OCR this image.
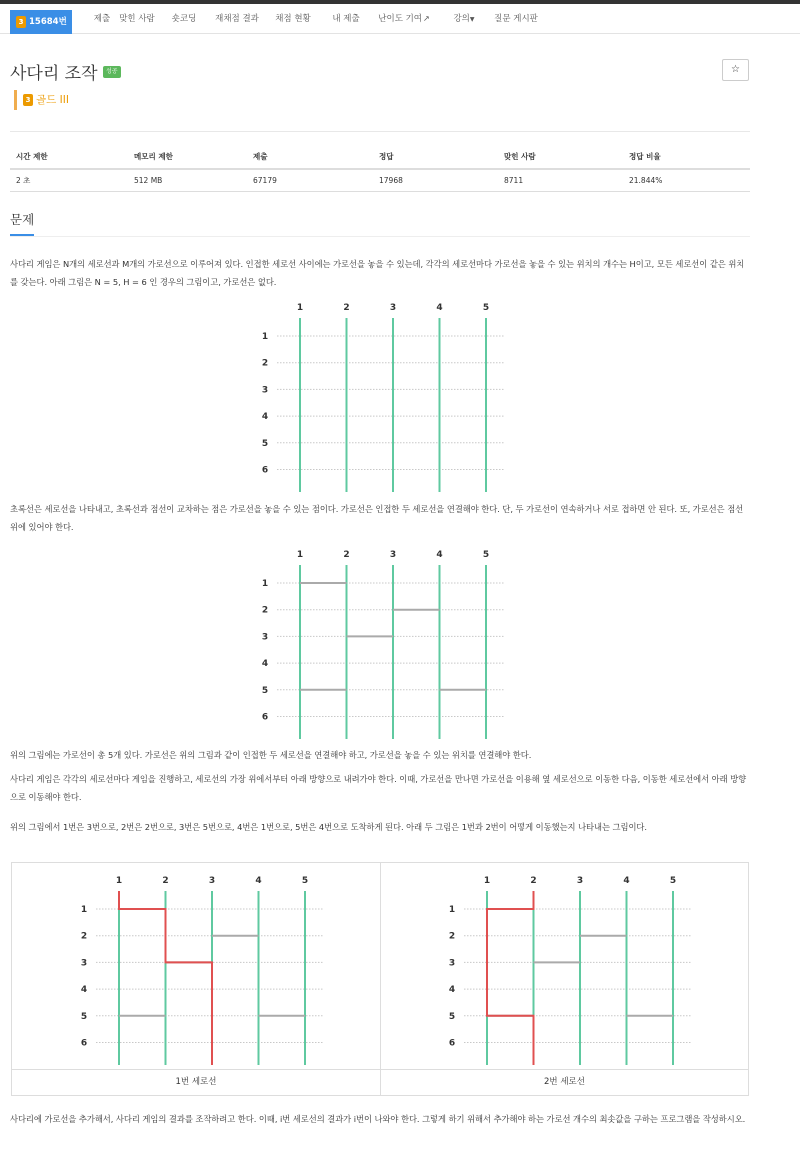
3 15684번	제출	맞힌 사람	숏코딩	재채점 결과	채점 현황	내 제출	난이도 기여↗	강의▼	질문 게시판
사다리 조작	성공	☆
3 골드 III
시간 제한	메모리 제한	제출	정답	맞힌 사람	정답 비율
2 초	512 MB	67179	17968	8711	21.844%
문제
사다리 게임은 N개의 세로선과 M개의 가로선으로 이루어져 있다. 인접한 세로선 사이에는 가로선을 놓을 수 있는데, 각각의 세로선마다 가로선을 놓을 수 있는 위치의 개수는 H이고, 모든 세로선이 같은 위치를 갖는다. 아래 그림은 N = 5, H = 6 인 경우의 그림이고, 가로선은 없다.
1	2	3	4	5
1
2
3
4
5
6
초록선은 세로선을 나타내고, 초록선과 점선이 교차하는 점은 가로선을 놓을 수 있는 점이다. 가로선은 인접한 두 세로선을 연결해야 한다. 단, 두 가로선이 연속하거나 서로 접하면 안 된다. 또, 가로선은 점선 위에 있어야 한다.
1	2	3	4	5
1
2
3
4
5
6
위의 그림에는 가로선이 총 5개 있다. 가로선은 위의 그림과 같이 인접한 두 세로선을 연결해야 하고, 가로선을 놓을 수 있는 위치를 연결해야 한다.
사다리 게임은 각각의 세로선마다 게임을 진행하고, 세로선의 가장 위에서부터 아래 방향으로 내려가야 한다. 이때, 가로선을 만나면 가로선을 이용해 옆 세로선으로 이동한 다음, 이동한 세로선에서 아래 방향으로 이동해야 한다.
위의 그림에서 1번은 3번으로, 2번은 2번으로, 3번은 5번으로, 4번은 1번으로, 5번은 4번으로 도착하게 된다. 아래 두 그림은 1번과 2번이 어떻게 이동했는지 나타내는 그림이다.
1	2	3	4	5
1
2
3
4
5
6
1	2	3	4	5
1
2
3
4
5
6
1번 세로선	2번 세로선
사다리에 가로선을 추가해서, 사다리 게임의 결과를 조작하려고 한다. 이때, i번 세로선의 결과가 i번이 나와야 한다. 그렇게 하기 위해서 추가해야 하는 가로선 개수의 최솟값을 구하는 프로그램을 작성하시오.
